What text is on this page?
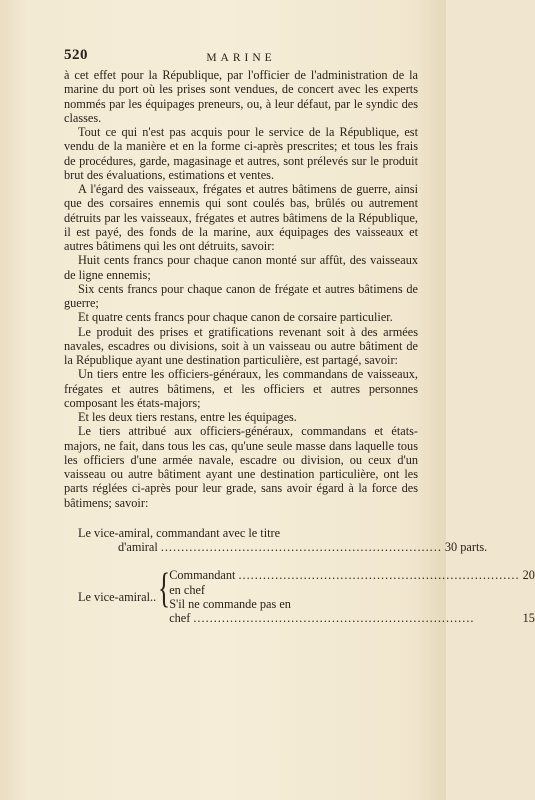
520	MARINE

à cet effet pour la République, par l'officier de l'administration de la marine du port où les prises sont vendues, de concert avec les experts nommés par les équipages preneurs, ou, à leur défaut, par le syndic des classes.

Tout ce qui n'est pas acquis pour le service de la République, est vendu de la manière et en la forme ci-après prescrites; et tous les frais de procédures, garde, magasinage et autres, sont prélevés sur le produit brut des évaluations, estimations et ventes.

A l'égard des vaisseaux, frégates et autres bâtimens de guerre, ainsi que des corsaires ennemis qui sont coulés bas, brûlés ou autrement détruits par les vaisseaux, frégates et autres bâtimens de la République, il est payé, des fonds de la marine, aux équipages des vaisseaux et autres bâtimens qui les ont détruits, savoir:

Huit cents francs pour chaque canon monté sur affût, des vaisseaux de ligne ennemis;

Six cents francs pour chaque canon de frégate et autres bâtimens de guerre;

Et quatre cents francs pour chaque canon de corsaire particulier.

Le produit des prises et gratifications revenant soit à des armées navales, escadres ou divisions, soit à un vaisseau ou autre bâtiment de la République ayant une destination particulière, est partagé, savoir:

Un tiers entre les officiers-généraux, les commandans de vaisseaux, frégates et autres bâtimens, et les officiers et autres personnes composant les états-majors;

Et les deux tiers restans, entre les équipages.

Le tiers attribué aux officiers-généraux, commandans et états-majors, ne fait, dans tous les cas, qu'une seule masse dans laquelle tous les officiers d'une armée navale, escadre ou division, ou ceux d'un vaisseau ou autre bâtiment ayant une destination particulière, ont les parts réglées ci-après pour leur grade, sans avoir égard à la force des bâtimens; savoir:

Le vice-amiral, commandant avec le titre
d'amiral ..................................................................... 30 parts.
Le vice-amiral.. {
Commandant en chef
..................................................................... 20
S'il ne commande pas en
chef .....................................................................	15
